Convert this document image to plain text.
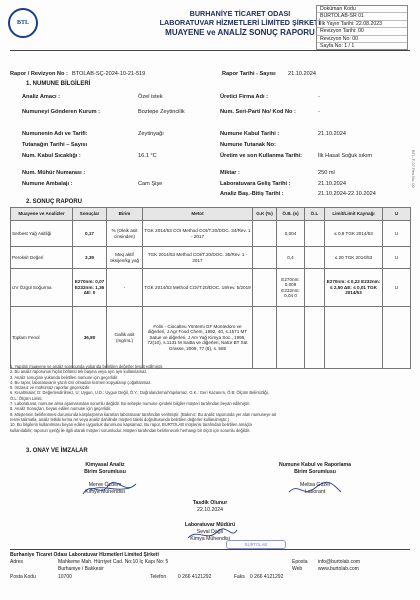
BTL
BURHANİYE TİCARET ODASI
LABORATUVAR HİZMETLERİ LİMİTED ŞİRKETİ
MUAYENE ve ANALİZ SONUÇ RAPORU
Doküman Kodu
BURTOLAB-SR 01
İlk Yayın Tarihi: 22.08.2023
Revizyon Tarihi: 00
Revizyon No: 00
Sayfa No: 1 / 1
Rapor / Revizyon No : BTOLAB-SÇ-2024-10-21-519	Rapor Tarihi - Sayısı 21.10.2024
1. NUMUNE BİLGİLERİ
Analiz Amacı :	Özel istek
Numuneyi Gönderen Kurum :	Boztepe Zeytincilik
Numunenin Adı ve Tarifi:	Zeytinyağı
Tutanağın Tarihi – Sayısı
Num. Kabul Sıcaklığı :	16.1 °C
Num. Mühür Numarası :
Numune Ambalajı :	Cam Şişe
Üretici Firma Adı :	-
Num. Seri-Parti No/ Kod No :	-
Numune Kabul Tarihi :	21.10.2024
Numune Tutanak No:
Üretim ve son Kullanma Tarihi:	İlk Hasat Soğuk sıkım
Miktar :	250 ml
Laboratuvara Geliş Tarihi :	21.10.2024
Analiz Baş.-Bitiş Tarihi :	21.10.2024-22.10.2024
2. SONUÇ RAPORU
Muayene ve Analizler	Sonuçlar	Birim	Metot	G.K (%)	Ö.B. (±)	Ö.L	Limit/Limit Kaynağı	U
Serbest Yağ Asitliği	0,17	% (Oleik asit cinsinden)	TGK 2014/53 COI Method COI/T.20/DOC. 34/Rev. 1 - 2017		0,004		≤ 0,8 TGK 2014/53	U
Peroksit Değeri	3,39	Meq aktif oksijen/kg yağ	TGK 2014/53 Method COI/T.20/DOC. 35/Rev. 1 - 2017		0,4		≤ 20 TGK 2014/53	U
UV Özgül Soğurma	E270nm: 0,07 E232nm: 1,36 ΔE: 0	-	TGK 2014/53 Method COI/T.20/DOC. 19/rev. 5/2019		E270nm: 0,009 E232nm: 0,04 0		E270nm: ≤ 0,22 E232nm: ≤ 2,50 ΔE: ≤ 0,01 TGK 2014/53	U
Toplam Fenol	36,80	Gallik asit (mg/mL)	Folin - Ciocalteu Yöntemi GF Montedoro ve diğerleri, J Agr Food Chem, 1992, 40, s.1571 MT Satue ve diğerleri, J Am Yağ Kimya Soc., 1995, 72(10), s.1131 M Saitta ve diğerleri, Natür BT Süt Grasse, 2009, 77 (8), s. 585					
1. Yapılan muayene ve analiz sonucunda yukarıda belirtilen değerler tespit edilmiştir.
2. Bu analiz raporunun hiçbir bölümü tek başına veya ayrı ayrı kullanılamaz.
3. Analiz sonuçları yukarıda belirtilen numune için geçerlidir.
4. Bu rapor, laboratuvarın yazılı izni olmadan kısmen kopyalanıp çoğaltılamaz.
5. İmzasız ve mühürsüz raporlar geçersizdir.
6. Kısaltmalar; D: Değerlendirilmez, U: Uygun, U.D.: Uygun Değil, Ö.Y.: Doğrulandırma/Yapılamaz, G.K.: Geri Kazanım, Ö.B: Ölçüm Belirsizliği,
Ö.L: Ölçüm Limiti.
7. Laboratuvar, numune alma aşamasından sorumlu değildir. Bu sebeple numune içindeki bilgiler müşteri tarafından beyan edilmiştir.
8. Analiz Sonuçları, beyan edilen numune için geçerlidir.
9. Müşterinin belirlenmesi durumunda karşılaştırma kararları laboratuvar tarafından verilmiştir. (Bakınız: Bu analiz raporunda yer alan numuneye ait
resmi talimatla, analiz tetkiki kırma ret veya analiz dahilinde müşteri talebi doğrultusunda belirtilen değerler kullanılmıştır.)
10. Bu bilgilerin kullanılması beyan edilen uygunluk durumunu kapsamaz. Bu rapor, BURTOLAB müşterisi tarafından belirtilen amaçla
kullanılabilir; raporun içeriği ile ilgili olarak müşteri sorumludur. Müşteri tarafından belirlenecek herhangi bir ölçüt için sorumlu değildir.
3. ONAY VE İMZALAR
Kimyasal Analiz
Birim Sorumlusu
Merve Özdem
Kimya Mühendisi
Numune Kabul ve Raporlama
Birim Sorumlusu
Melisa Güzel
Laborant
Tasdik Olunur
22.10.2024
Laboratuvar Müdürü
Seval Dağlı
Kimya Mühendisi
BURTOLAB
Burhaniye Ticaret Odası Laboratuvar Hizmetleri Limited Şirketi
Adres	Mahkeme Mah. Hürriyet Cad. No:10 İç Kapı No: 5
Burhaniye / Balıkesir
Posta Kodu	10700	Telefon 0 266 4121292	Faks 0 266 4121292
Eposta info@burtolab.com
Web	www.burtolab.com
BTL-F-07 Rev.No: 00
